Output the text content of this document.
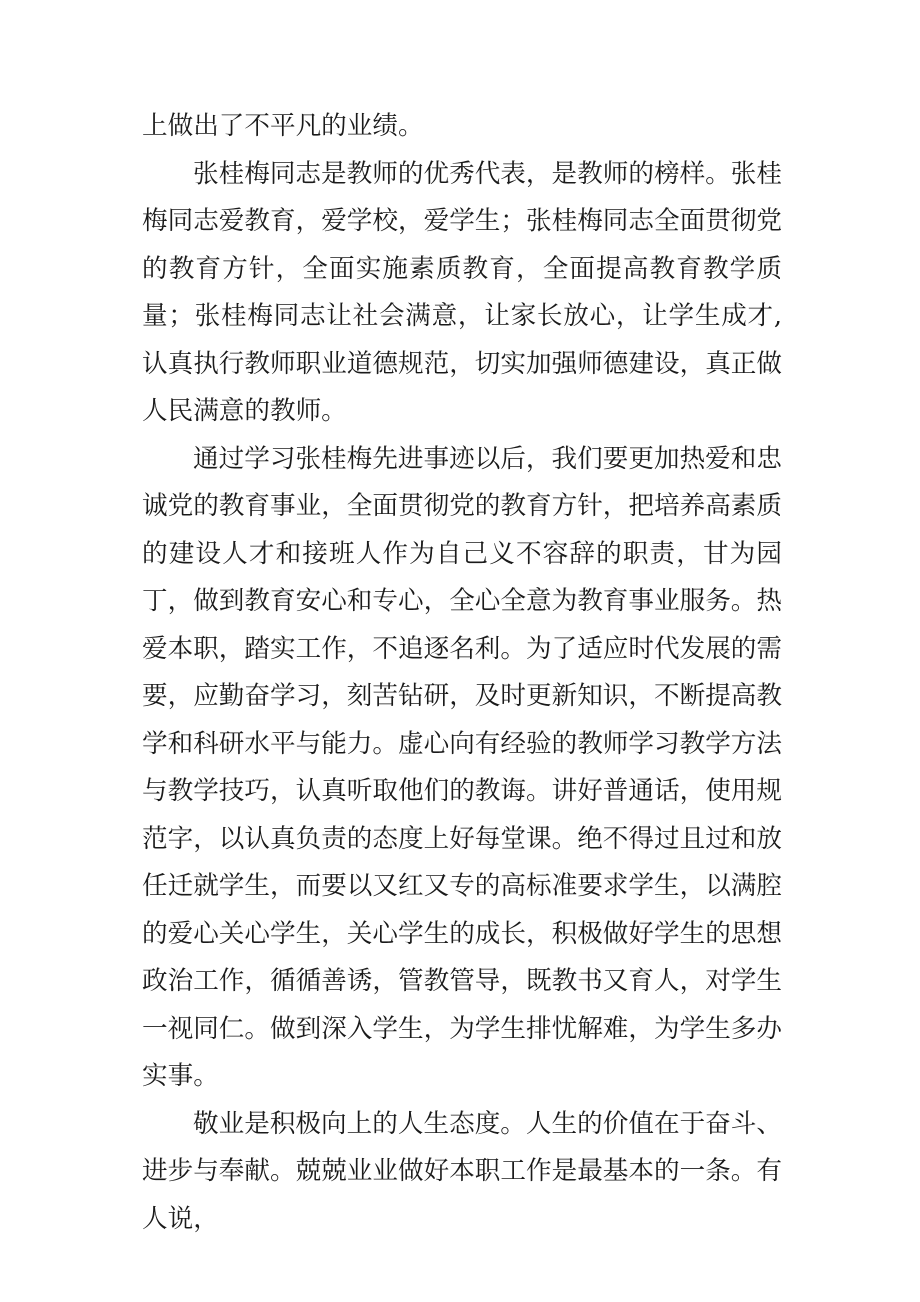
上做出了不平凡的业绩。

张桂梅同志是教师的优秀代表，是教师的榜样。张桂梅同志爱教育，爱学校，爱学生；张桂梅同志全面贯彻党的教育方针，全面实施素质教育，全面提高教育教学质量；张桂梅同志让社会满意，让家长放心，让学生成才,认真执行教师职业道德规范，切实加强师德建设，真正做人民满意的教师。

通过学习张桂梅先进事迹以后，我们要更加热爱和忠诚党的教育事业，全面贯彻党的教育方针，把培养高素质的建设人才和接班人作为自己义不容辞的职责，甘为园丁，做到教育安心和专心，全心全意为教育事业服务。热爱本职，踏实工作，不追逐名利。为了适应时代发展的需要，应勤奋学习，刻苦钻研，及时更新知识，不断提高教学和科研水平与能力。虚心向有经验的教师学习教学方法与教学技巧，认真听取他们的教诲。讲好普通话，使用规范字，以认真负责的态度上好每堂课。绝不得过且过和放任迁就学生，而要以又红又专的高标准要求学生，以满腔的爱心关心学生，关心学生的成长，积极做好学生的思想政治工作，循循善诱，管教管导，既教书又育人，对学生一视同仁。做到深入学生，为学生排忧解难，为学生多办实事。

敬业是积极向上的人生态度。人生的价值在于奋斗、进步与奉献。兢兢业业做好本职工作是最基本的一条。有人说，
